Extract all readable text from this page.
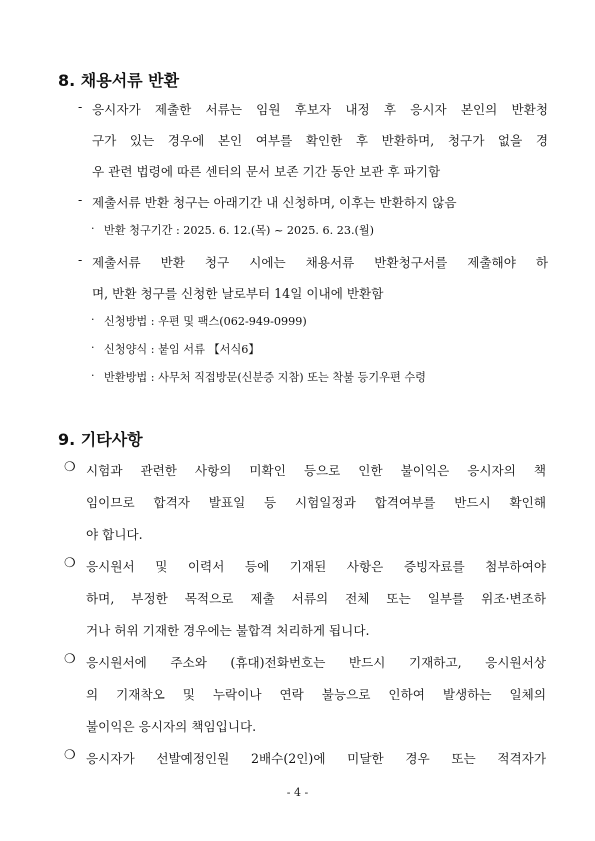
8. 채용서류 반환
- 응시자가 제출한 서류는 임원 후보자 내정 후 응시자 본인의 반환청
구가 있는 경우에 본인 여부를 확인한 후 반환하며, 청구가 없을 경
우 관련 법령에 따른 센터의 문서 보존 기간 동안 보관 후 파기함
- 제출서류 반환 청구는 아래기간 내 신청하며, 이후는 반환하지 않음
· 반환 청구기간 : 2025. 6. 12.(목) ~ 2025. 6. 23.(월)
- 제출서류 반환 청구 시에는 채용서류 반환청구서를 제출해야 하
며, 반환 청구를 신청한 날로부터 14일 이내에 반환함
· 신청방법 : 우편 및 팩스(062-949-0999)
· 신청양식 : 붙임 서류 【서식6】
· 반환방법 : 사무처 직접방문(신분증 지참) 또는 착불 등기우편 수령
9. 기타사항
❍ 시험과 관련한 사항의 미확인 등으로 인한 불이익은 응시자의 책
임이므로 합격자 발표일 등 시험일정과 합격여부를 반드시 확인해
야 합니다.
❍ 응시원서 및 이력서 등에 기재된 사항은 증빙자료를 첨부하여야
하며, 부정한 목적으로 제출 서류의 전체 또는 일부를 위조·변조하
거나 허위 기재한 경우에는 불합격 처리하게 됩니다.
❍ 응시원서에 주소와 (휴대)전화번호는 반드시 기재하고, 응시원서상
의 기재착오 및 누락이나 연락 불능으로 인하여 발생하는 일체의
불이익은 응시자의 책임입니다.
❍ 응시자가 선발예정인원 2배수(2인)에 미달한 경우 또는 적격자가
- 4 -
